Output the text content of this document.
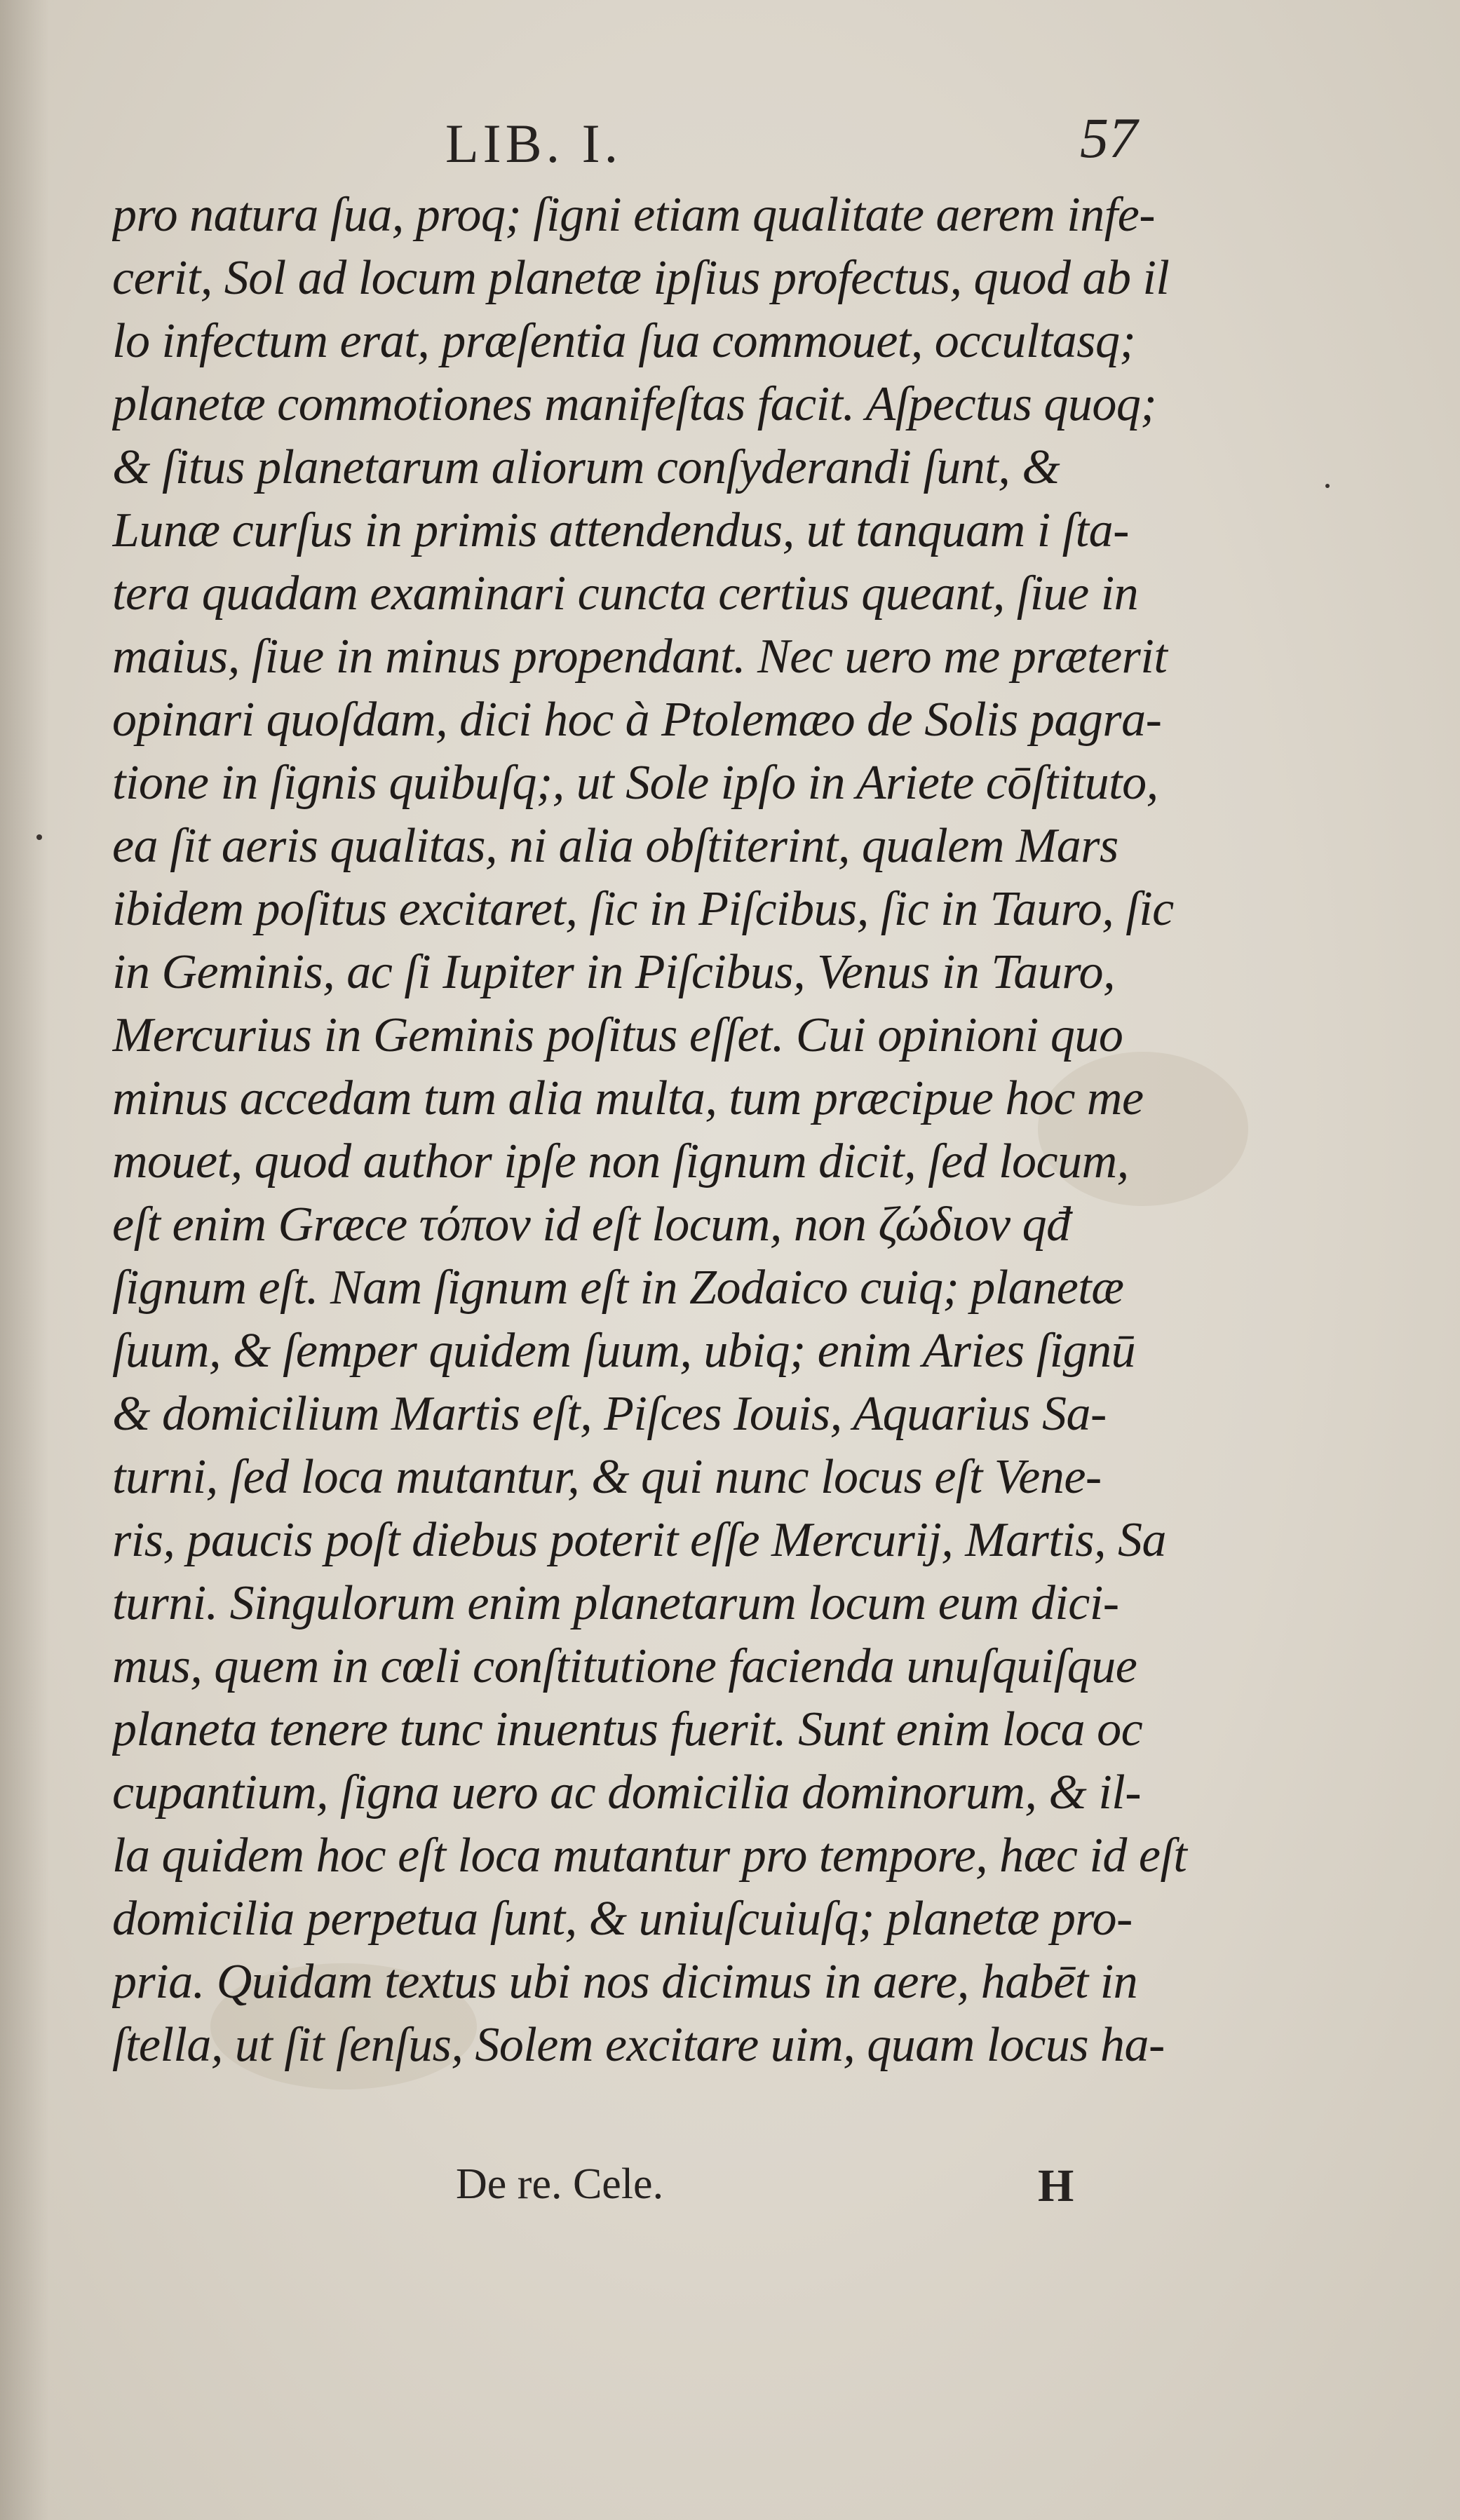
LIB. I.	57
pro natura ſua, proq; ſigni etiam qualitate aerem infe-
cerit, Sol ad locum planetæ ipſius profectus, quod ab il
lo infectum erat, præſentia ſua commouet, occultasq;
planetæ commotiones manifeſtas facit. Aſpectus quoq;
& ſitus planetarum aliorum conſyderandi ſunt, &
Lunæ curſus in primis attendendus, ut tanquam i ſta-
tera quadam examinari cuncta certius queant, ſiue in
maius, ſiue in minus propendant. Nec uero me præterit
opinari quoſdam, dici hoc à Ptolemæo de Solis pagra-
tione in ſignis quibuſq;, ut Sole ipſo in Ariete cōſtituto,
ea ſit aeris qualitas, ni alia obſtiterint, qualem Mars
ibidem poſitus excitaret, ſic in Piſcibus, ſic in Tauro, ſic
in Geminis, ac ſi Iupiter in Piſcibus, Venus in Tauro,
Mercurius in Geminis poſitus eſſet. Cui opinioni quo
minus accedam tum alia multa, tum præcipue hoc me
mouet, quod author ipſe non ſignum dicit, ſed locum,
eſt enim Græce τόπον id eſt locum, non ζώδιον qđ
ſignum eſt. Nam ſignum eſt in Zodaico cuiq; planetæ
ſuum, & ſemper quidem ſuum, ubiq; enim Aries ſignū
& domicilium Martis eſt, Piſces Iouis, Aquarius Sa-
turni, ſed loca mutantur, & qui nunc locus eſt Vene-
ris, paucis poſt diebus poterit eſſe Mercurij, Martis, Sa
turni. Singulorum enim planetarum locum eum dici-
mus, quem in cœli conſtitutione facienda unuſquiſque
planeta tenere tunc inuentus fuerit. Sunt enim loca oc
cupantium, ſigna uero ac domicilia dominorum, & il-
la quidem hoc eſt loca mutantur pro tempore, hæc id eſt
domicilia perpetua ſunt, & uniuſcuiuſq; planetæ pro-
pria. Quidam textus ubi nos dicimus in aere, habēt in
ſtella, ut ſit ſenſus, Solem excitare uim, quam locus ha-
De re. Cele.	H
